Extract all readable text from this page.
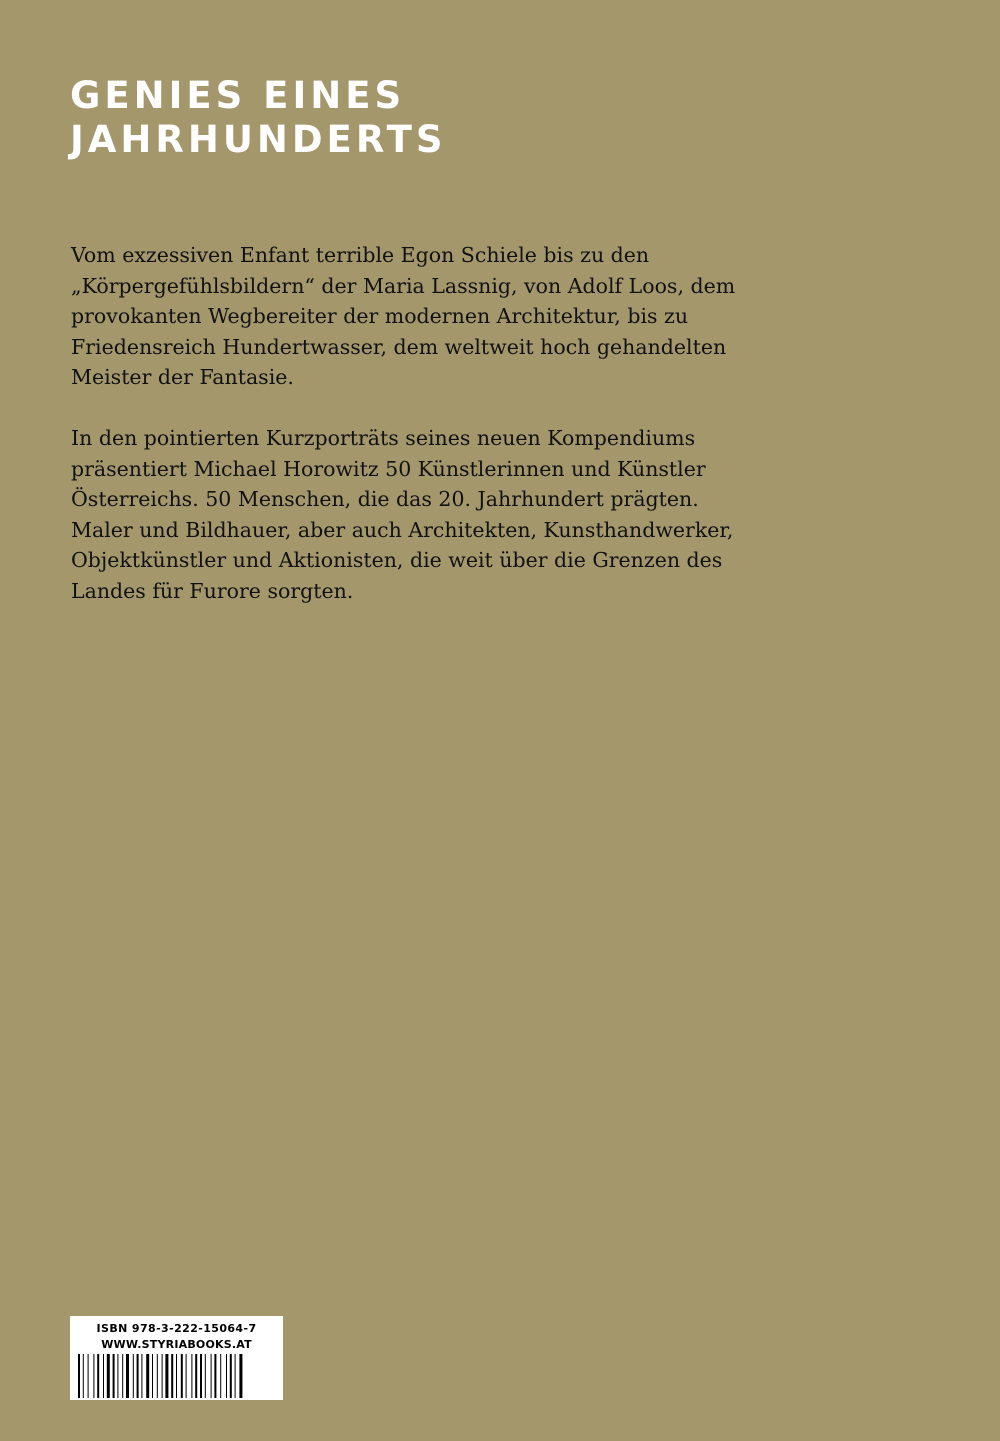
GENIES EINES
JAHRHUNDERTS

Vom exzessiven Enfant terrible Egon Schiele bis zu den
„Körpergefühlsbildern“ der Maria Lassnig, von Adolf Loos, dem
provokanten Wegbereiter der modernen Architektur, bis zu
Friedensreich Hundertwasser, dem weltweit hoch gehandelten
Meister der Fantasie.

In den pointierten Kurzporträts seines neuen Kompendiums
präsentiert Michael Horowitz 50 Künstlerinnen und Künstler
Österreichs. 50 Menschen, die das 20. Jahrhundert prägten.
Maler und Bildhauer, aber auch Architekten, Kunsthandwerker,
Objektkünstler und Aktionisten, die weit über die Grenzen des
Landes für Furore sorgten.

ISBN 978-3-222-15064-7
WWW.STYRIABOOKS.AT
